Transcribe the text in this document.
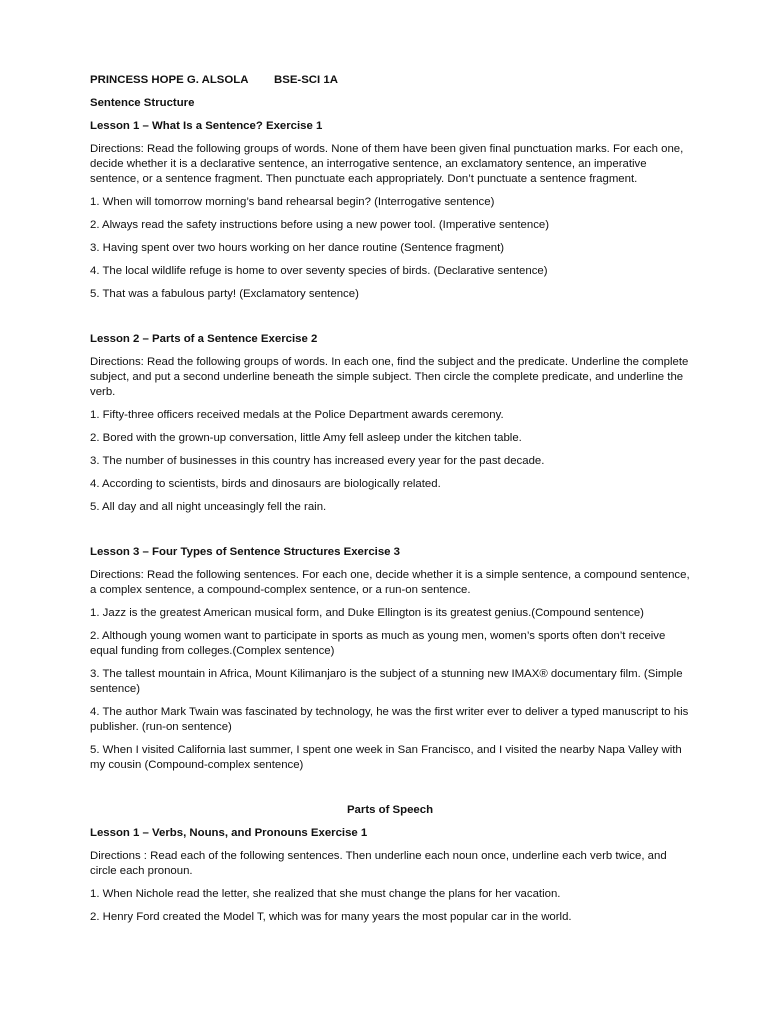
PRINCESS HOPE G. ALSOLA	BSE-SCI 1A

Sentence Structure

Lesson 1 – What Is a Sentence? Exercise 1

Directions: Read the following groups of words. None of them have been given final punctuation marks. For each one, decide whether it is a declarative sentence, an interrogative sentence, an exclamatory sentence, an imperative sentence, or a sentence fragment. Then punctuate each appropriately. Don’t punctuate a sentence fragment.

1. When will tomorrow morning’s band rehearsal begin? (Interrogative sentence)

2. Always read the safety instructions before using a new power tool. (Imperative sentence)

3. Having spent over two hours working on her dance routine (Sentence fragment)

4. The local wildlife refuge is home to over seventy species of birds. (Declarative sentence)

5. That was a fabulous party! (Exclamatory sentence)

Lesson 2 – Parts of a Sentence Exercise 2

Directions: Read the following groups of words. In each one, find the subject and the predicate. Underline the complete subject, and put a second underline beneath the simple subject. Then circle the complete predicate, and underline the verb.

1. Fifty-three officers received medals at the Police Department awards ceremony.

2. Bored with the grown-up conversation, little Amy fell asleep under the kitchen table.

3. The number of businesses in this country has increased every year for the past decade.

4. According to scientists, birds and dinosaurs are biologically related.

5. All day and all night unceasingly fell the rain.

Lesson 3 – Four Types of Sentence Structures Exercise 3

Directions: Read the following sentences. For each one, decide whether it is a simple sentence, a compound sentence, a complex sentence, a compound-complex sentence, or a run-on sentence.

1. Jazz is the greatest American musical form, and Duke Ellington is its greatest genius.(Compound sentence)

2. Although young women want to participate in sports as much as young men, women’s sports often don’t receive equal funding from colleges.(Complex sentence)

3. The tallest mountain in Africa, Mount Kilimanjaro is the subject of a stunning new IMAX® documentary film. (Simple sentence)

4. The author Mark Twain was fascinated by technology, he was the first writer ever to deliver a typed manuscript to his publisher. (run-on sentence)

5. When I visited California last summer, I spent one week in San Francisco, and I visited the nearby Napa Valley with my cousin (Compound-complex sentence)

Parts of Speech

Lesson 1 – Verbs, Nouns, and Pronouns Exercise 1

Directions : Read each of the following sentences. Then underline each noun once, underline each verb twice, and circle each pronoun.

1. When Nichole read the letter, she realized that she must change the plans for her vacation.

2. Henry Ford created the Model T, which was for many years the most popular car in the world.
